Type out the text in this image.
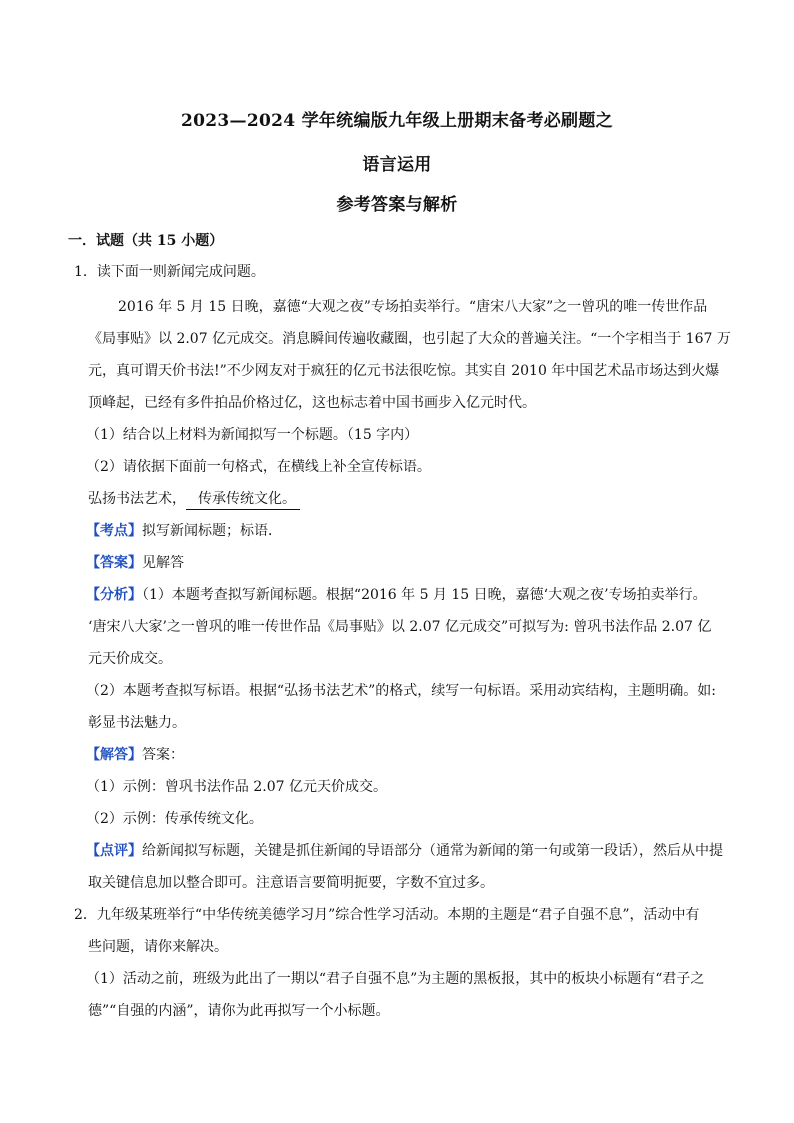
2023—2024 学年统编版九年级上册期末备考必刷题之
语言运用
参考答案与解析
一．试题（共 15 小题）
1．读下面一则新闻完成问题。
2016 年 5 月 15 日晚，嘉德“大观之夜”专场拍卖举行。“唐宋八大家”之一曾巩的唯一传世作品
《局事贴》以 2.07 亿元成交。消息瞬间传遍收藏圈，也引起了大众的普遍关注。“一个字相当于 167 万
元，真可谓天价书法!”不少网友对于疯狂的亿元书法很吃惊。其实自 2010 年中国艺术品市场达到火爆
顶峰起，已经有多件拍品价格过亿，这也标志着中国书画步入亿元时代。
（1）结合以上材料为新闻拟写一个标题。（15 字内）
（2）请依据下面前一句格式，在横线上补全宣传标语。
弘扬书法艺术， 传承传统文化。
【考点】拟写新闻标题；标语．
【答案】见解答
【分析】（1）本题考查拟写新闻标题。根据“2016 年 5 月 15 日晚，嘉德‘大观之夜’专场拍卖举行。
‘唐宋八大家’之一曾巩的唯一传世作品《局事贴》以 2.07 亿元成交”可拟写为: 曾巩书法作品 2.07 亿
元天价成交。
（2）本题考查拟写标语。根据“弘扬书法艺术”的格式，续写一句标语。采用动宾结构，主题明确。如:
彰显书法魅力。
【解答】答案：
（1）示例：曾巩书法作品 2.07 亿元天价成交。
（2）示例：传承传统文化。
【点评】给新闻拟写标题，关键是抓住新闻的导语部分（通常为新闻的第一句或第一段话），然后从中提
取关键信息加以整合即可。注意语言要简明扼要，字数不宜过多。
2．九年级某班举行“中华传统美德学习月”综合性学习活动。本期的主题是“君子自强不息”，活动中有
些问题，请你来解决。
（1）活动之前，班级为此出了一期以“君子自强不息”为主题的黑板报，其中的板块小标题有“君子之
德”“自强的内涵”，请你为此再拟写一个小标题。
